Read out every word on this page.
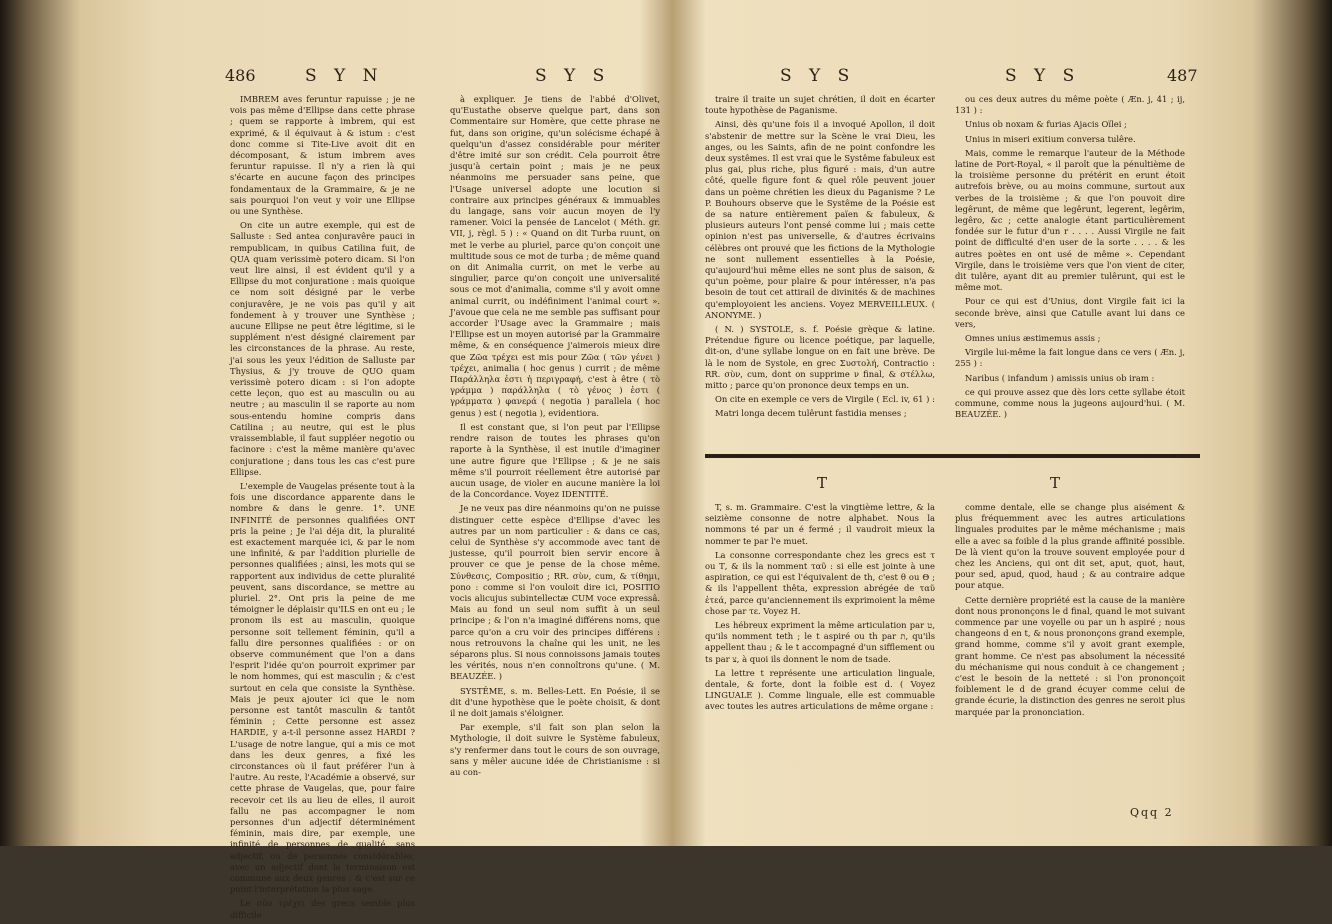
486	S Y N	S Y S

IMBREM aves feruntur rapuisse ; je ne vois pas même d'Ellipse dans cette phrase ; quem se rapporte à imbrem, qui est exprimé, & il équivaut à & istum : c'est donc comme si Tite-Live avoit dit en décomposant, & istum imbrem aves feruntur rapuisse. Il n'y a rien là qui s'écarte en aucune façon des principes fondamentaux de la Grammaire, & je ne sais pourquoi l'on veut y voir une Ellipse ou une Synthèse.

On cite un autre exemple, qui est de Salluste : Sed antea conjuravêre pauci in rempublicam, in quibus Catilina fuit, de QUA quam verissimè potero dicam. Si l'on veut lire ainsi, il est évident qu'il y a Ellipse du mot conjuratione : mais quoique ce nom soit désigné par le verbe conjuravêre, je ne vois pas qu'il y ait fondement à y trouver une Synthèse ; aucune Ellipse ne peut être légitime, si le supplément n'est désigné clairement par les circonstances de la phrase. Au reste, j'ai sous les yeux l'édition de Salluste par Thysius, & j'y trouve de QUO quam verissimè potero dicam : si l'on adopte cette leçon, quo est au masculin ou au neutre ; au masculin il se raporte au nom sous-entendu homine compris dans Catilina ; au neutre, qui est le plus vraissemblable, il faut suppléer negotio ou facinore : c'est la même manière qu'avec conjuratione ; dans tous les cas c'est pure Ellipse.

L'exemple de Vaugelas présente tout à la fois une discordance apparente dans le nombre & dans le genre. 1°. UNE INFINITÉ de personnes qualifiées ONT pris la peine ; Je l'ai déja dit, la pluralité est exactement marquée ici, & par le nom une infinité, & par l'addition plurielle de personnes qualifiées ; ainsi, les mots qui se rapportent aux individus de cette pluralité peuvent, sans discordance, se mettre au pluriel. 2°. Ont pris la peine de me témoigner le déplaisir qu'ILS en ont eu ; le pronom ils est au masculin, quoique personne soit tellement féminin, qu'il a fallu dire personnes qualifiées : or on observe communément que l'on a dans l'esprit l'idée qu'on pourroit exprimer par le nom hommes, qui est masculin ; & c'est surtout en cela que consiste la Synthèse. Mais je peux ajouter ici que le nom personne est tantôt masculin & tantôt féminin ; Cette personne est assez HARDIE, y a-t-il personne assez HARDI ? L'usage de notre langue, qui a mis ce mot dans les deux genres, a fixé les circonstances où il faut préférer l'un à l'autre. Au reste, l'Académie a observé, sur cette phrase de Vaugelas, que, pour faire recevoir cet ils au lieu de elles, il auroit fallu ne pas accompagner le nom personnes d'un adjectif déterminément féminin, mais dire, par exemple, une infinité de personnes de qualité, sans adjectif, ou de personnes considérables, avec un adjectif dont la terminaison est commune aux deux genres : & c'est sur ce point l'interprétation la plus sage.

Le σὺν τρέχει des grecs semble plus difficile

à expliquer. Je tiens de l'abbé d'Olivet, qu'Eustathe observe quelque part, dans son Commentaire sur Homère, que cette phrase ne fut, dans son origine, qu'un solécisme échapé à quelqu'un d'assez considérable pour mériter d'être imité sur son crédit. Cela pourroit être jusqu'à certain point ; mais je ne peux néanmoins me persuader sans peine, que l'Usage universel adopte une locution si contraire aux principes généraux & immuables du langage, sans voir aucun moyen de l'y ramener. Voici la pensée de Lancelot ( Méth. gr. VII, j, règl. 5 ) : « Quand on dit Turba ruunt, on met le verbe au pluriel, parce qu'on conçoit une multitude sous ce mot de turba ; de même quand on dit Animalia currit, on met le verbe au singulier, parce qu'on conçoit une universalité sous ce mot d'animalia, comme s'il y avoit omne animal currit, ou indéfiniment l'animal court ». J'avoue que cela ne me semble pas suffisant pour accorder l'Usage avec la Grammaire ; mais l'Ellipse est un moyen autorisé par la Grammaire même, & en conséquence j'aimerois mieux dire que Ζῶα τρέχει est mis pour Ζῶα ( τῶν γένει ) τρέχει, animalia ( hoc genus ) currit ; de même Παράλληλα ἐστι ἡ περιγραφή, c'est à être ( τὸ γράμμα ) παράλληλα ( τὸ γένος ) ἐστι ( γράμματα ) φανερά ( negotia ) parallela ( hoc genus ) est ( negotia ), evidentiora.

Il est constant que, si l'on peut par l'Ellipse rendre raison de toutes les phrases qu'on raporte à la Synthèse, il est inutile d'imaginer une autre figure que l'Ellipse ; & je ne sais même s'il pourroit réellement être autorisé par aucun usage, de violer en aucune manière la loi de la Concordance. Voyez IDENTITÉ.

Je ne veux pas dire néanmoins qu'on ne puisse distinguer cette espèce d'Ellipse d'avec les autres par un nom particulier : & dans ce cas, celui de Synthèse s'y accommode avec tant de justesse, qu'il pourroit bien servir encore à prouver ce que je pense de la chose même. Σύνθεσις, Compositio ; RR. σὺν, cum, & τίθημι, pono : comme si l'on vouloit dire ici, POSITIO vocis alicujus subintellectæ CUM voce expressâ. Mais au fond un seul nom suffit à un seul principe ; & l'on n'a imaginé différens noms, que parce qu'on a cru voir des principes différens : nous retrouvons la chaîne qui les unit, ne les séparons plus. Si nous connoissons jamais toutes les vérités, nous n'en connoîtrons qu'une. ( M. BEAUZÉE. )

SYSTÊME, s. m. Belles-Lett. En Poésie, il se dit d'une hypothèse que le poète choisit, & dont il ne doit jamais s'éloigner.

Par exemple, s'il fait son plan selon la Mythologie, il doit suivre le Système fabuleux, s'y renfermer dans tout le cours de son ouvrage, sans y mêler aucune idée de Christianisme : si au con-

S Y S	S Y S	487

traire il traite un sujet chrétien, il doit en écarter toute hypothèse de Paganisme.

Ainsi, dès qu'une fois il a invoqué Apollon, il doit s'abstenir de mettre sur la Scène le vrai Dieu, les anges, ou les Saints, afin de ne point confondre les deux systêmes. Il est vrai que le Systême fabuleux est plus gai, plus riche, plus figuré : mais, d'un autre côté, quelle figure font & quel rôle peuvent jouer dans un poème chrétien les dieux du Paganisme ? Le P. Bouhours observe que le Systême de la Poésie est de sa nature entièrement païen & fabuleux, & plusieurs auteurs l'ont pensé comme lui ; mais cette opinion n'est pas universelle, & d'autres écrivains célèbres ont prouvé que les fictions de la Mythologie ne sont nullement essentielles à la Poésie, qu'aujourd'hui même elles ne sont plus de saison, & qu'un poème, pour plaire & pour intéresser, n'a pas besoin de tout cet attirail de divinités & de machines qu'employoient les anciens. Voyez MERVEILLEUX. ( ANONYME. )

( N. ) SYSTOLE, s. f. Poésie grèque & latine. Prétendue figure ou licence poétique, par laquelle, dit-on, d'une syllabe longue on en fait une brève. De là le nom de Systole, en grec Συστολή, Contractio : RR. σὺν, cum, dont on supprime ν final, & στέλλω, mitto ; parce qu'on prononce deux temps en un.

On cite en exemple ce vers de Virgile ( Ecl. iv, 61 ) :

Matri longa decem tulêrunt fastidia menses ;

ou ces deux autres du même poète ( Æn. j, 41 ; ij, 131 ) :

Unius ob noxam & furias Ajacis Oïlei ;

Unius in miseri exitium conversa tulêre.

Mais, comme le remarque l'auteur de la Méthode latine de Port-Royal, « il paroît que la pénultième de la troisième personne du prétérit en erunt étoit autrefois brève, ou au moins commune, surtout aux verbes de la troisième ; & que l'on pouvoit dire legêrunt, de même que legêrunt, legerent, legêrim, legêro, &c ; cette analogie étant particulièrement fondée sur le futur d'un r . . . . Aussi Virgile ne fait point de difficulté d'en user de la sorte . . . . & les autres poètes en ont usé de même ». Cependant Virgile, dans le troisième vers que l'on vient de citer, dit tulêre, ayant dit au premier tulêrunt, qui est le même mot.

Pour ce qui est d'Unius, dont Virgile fait ici la seconde brève, ainsi que Catulle avant lui dans ce vers,

Omnes unius æstimemus assis ;

Virgile lui-même la fait longue dans ce vers ( Æn. j, 255 ) :

Naribus ( infandum ) amissis unius ob iram :

ce qui prouve assez que dès lors cette syllabe étoit commune, comme nous la jugeons aujourd'hui. ( M. BEAUZÉE. )

T	T

T, s. m. Grammaire. C'est la vingtième lettre, & la seizième consonne de notre alphabet. Nous la nommons té par un é fermé ; il vaudroit mieux la nommer te par l'e muet.

La consonne correspondante chez les grecs est τ ou Τ, & ils la nomment ταῦ : si elle est jointe à une aspiration, ce qui est l'équivalent de th, c'est θ ou Θ ; & ils l'appellent thêta, expression abrégée de ταῦ ἐτεά, parce qu'anciennement ils exprimoient la même chose par τε. Voyez H.

Les hébreux expriment la même articulation par ט, qu'ils nomment teth ; le t aspiré ou th par ת, qu'ils appellent thau ; & le t accompagné d'un sifflement ou ts par צ, à quoi ils donnent le nom de tsade.

La lettre t représente une articulation linguale, dentale, & forte, dont la foible est d. ( Voyez LINGUALE ). Comme linguale, elle est commuable avec toutes les autres articulations de même organe :

comme dentale, elle se change plus aisément & plus fréquemment avec les autres articulations linguales produites par le même méchanisme ; mais elle a avec sa foible d la plus grande affinité possible. De là vient qu'on la trouve souvent employée pour d chez les Anciens, qui ont dit set, aput, quot, haut, pour sed, apud, quod, haud ; & au contraire adque pour atque.

Cette dernière propriété est la cause de la manière dont nous prononçons le d final, quand le mot suivant commence par une voyelle ou par un h aspiré ; nous changeons d en t, & nous prononçons grand exemple, grand homme, comme s'il y avoit grant exemple, grant homme. Ce n'est pas absolument la nécessité du méchanisme qui nous conduit à ce changement ; c'est le besoin de la netteté : si l'on prononçoit foiblement le d de grand écuyer comme celui de grande écurie, la distinction des genres ne seroit plus marquée par la prononciation.

Qqq 2
